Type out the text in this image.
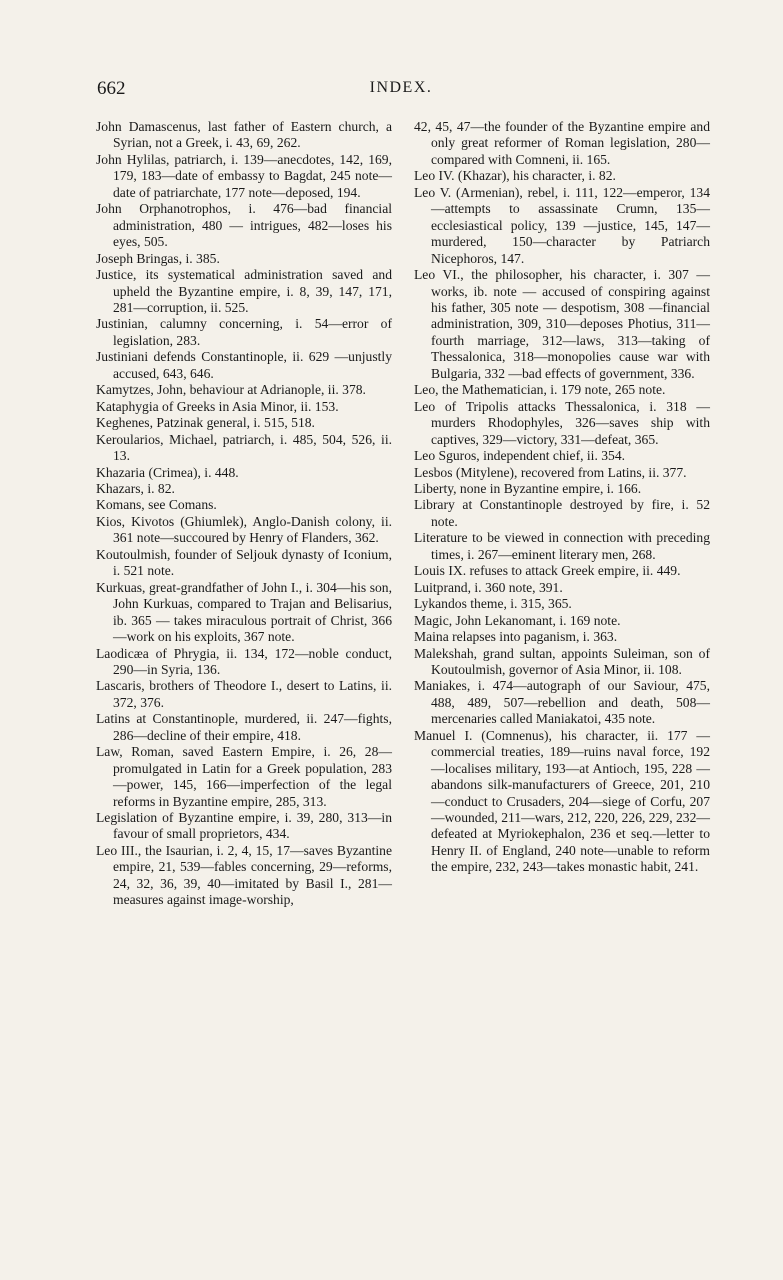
662	INDEX.

John Damascenus, last father of Eastern church, a Syrian, not a Greek, i. 43, 69, 262.

John Hylilas, patriarch, i. 139—anecdotes, 142, 169, 179, 183—date of embassy to Bagdat, 245 note—date of patriarchate, 177 note—deposed, 194.

John Orphanotrophos, i. 476—bad financial administration, 480 — intrigues, 482—loses his eyes, 505.

Joseph Bringas, i. 385.

Justice, its systematical administration saved and upheld the Byzantine empire, i. 8, 39, 147, 171, 281—corruption, ii. 525.

Justinian, calumny concerning, i. 54—error of legislation, 283.

Justiniani defends Constantinople, ii. 629 —unjustly accused, 643, 646.

Kamytzes, John, behaviour at Adrianople, ii. 378.

Kataphygia of Greeks in Asia Minor, ii. 153.

Keghenes, Patzinak general, i. 515, 518.

Keroularios, Michael, patriarch, i. 485, 504, 526, ii. 13.

Khazaria (Crimea), i. 448.

Khazars, i. 82.

Komans, see Comans.

Kios, Kivotos (Ghiumlek), Anglo-Danish colony, ii. 361 note—succoured by Henry of Flanders, 362.

Koutoulmish, founder of Seljouk dynasty of Iconium, i. 521 note.

Kurkuas, great-grandfather of John I., i. 304—his son, John Kurkuas, compared to Trajan and Belisarius, ib. 365 — takes miraculous portrait of Christ, 366—work on his exploits, 367 note.

Laodicæa of Phrygia, ii. 134, 172—noble conduct, 290—in Syria, 136.

Lascaris, brothers of Theodore I., desert to Latins, ii. 372, 376.

Latins at Constantinople, murdered, ii. 247—fights, 286—decline of their empire, 418.

Law, Roman, saved Eastern Empire, i. 26, 28—promulgated in Latin for a Greek population, 283—power, 145, 166—imperfection of the legal reforms in Byzantine empire, 285, 313.

Legislation of Byzantine empire, i. 39, 280, 313—in favour of small proprietors, 434.

Leo III., the Isaurian, i. 2, 4, 15, 17—saves Byzantine empire, 21, 539—fables concerning, 29—reforms, 24, 32, 36, 39, 40—imitated by Basil I., 281—measures against image-worship,

42, 45, 47—the founder of the Byzantine empire and only great reformer of Roman legislation, 280—compared with Comneni, ii. 165.

Leo IV. (Khazar), his character, i. 82.

Leo V. (Armenian), rebel, i. 111, 122—emperor, 134—attempts to assassinate Crumn, 135—ecclesiastical policy, 139 —justice, 145, 147—murdered, 150—character by Patriarch Nicephoros, 147.

Leo VI., the philosopher, his character, i. 307 — works, ib. note — accused of conspiring against his father, 305 note — despotism, 308 —financial administration, 309, 310—deposes Photius, 311—fourth marriage, 312—laws, 313—taking of Thessalonica, 318—monopolies cause war with Bulgaria, 332 —bad effects of government, 336.

Leo, the Mathematician, i. 179 note, 265 note.

Leo of Tripolis attacks Thessalonica, i. 318 — murders Rhodophyles, 326—saves ship with captives, 329—victory, 331—defeat, 365.

Leo Sguros, independent chief, ii. 354.

Lesbos (Mitylene), recovered from Latins, ii. 377.

Liberty, none in Byzantine empire, i. 166.

Library at Constantinople destroyed by fire, i. 52 note.

Literature to be viewed in connection with preceding times, i. 267—eminent literary men, 268.

Louis IX. refuses to attack Greek empire, ii. 449.

Luitprand, i. 360 note, 391.

Lykandos theme, i. 315, 365.

Magic, John Lekanomant, i. 169 note.

Maina relapses into paganism, i. 363.

Malekshah, grand sultan, appoints Suleiman, son of Koutoulmish, governor of Asia Minor, ii. 108.

Maniakes, i. 474—autograph of our Saviour, 475, 488, 489, 507—rebellion and death, 508—mercenaries called Maniakatoi, 435 note.

Manuel I. (Comnenus), his character, ii. 177 —commercial treaties, 189—ruins naval force, 192—localises military, 193—at Antioch, 195, 228 — abandons silk-manufacturers of Greece, 201, 210—conduct to Crusaders, 204—siege of Corfu, 207—wounded, 211—wars, 212, 220, 226, 229, 232—defeated at Myriokephalon, 236 et seq.—letter to Henry II. of England, 240 note—unable to reform the empire, 232, 243—takes monastic habit, 241.
